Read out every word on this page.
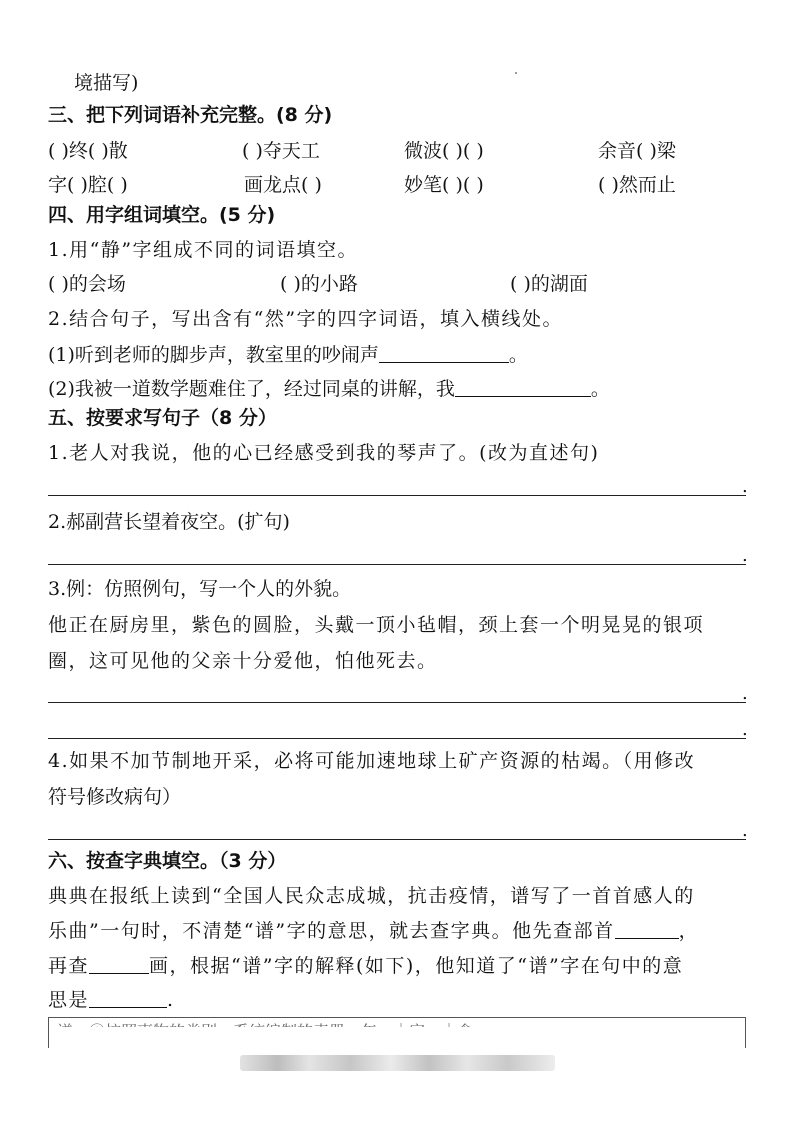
境描写)
三、把下列词语补充完整。(8 分)
( )终( )散	( )夺天工	微波( )( )	余音( )梁
字( )腔( )	画龙点( )	妙笔( )( )	( )然而止
四、用字组词填空。(5 分)
1.用“静”字组成不同的词语填空。
( )的会场	( )的小路	( )的湖面
2.结合句子，写出含有“然”字的四字词语，填入横线处。
(1)听到老师的脚步声，教室里的吵闹声	。
(2)我被一道数学题难住了，经过同桌的讲解，我	。
五、按要求写句子（8 分）
1.老人对我说，他的心已经感受到我的琴声了。(改为直述句)
.
2.郝副营长望着夜空。(扩句)
.
3.例：仿照例句，写一个人的外貌。
他正在厨房里，紫色的圆脸，头戴一顶小毡帽，颈上套一个明晃晃的银项
圈，这可见他的父亲十分爱他，怕他死去。
.
.
4.如果不加节制地开采，必将可能加速地球上矿产资源的枯竭。（用修改
符号修改病句）
.
六、按查字典填空。（3 分）
典典在报纸上读到“全国人民众志成城，抗击疫情，谱写了一首首感人的
乐曲”一句时，不清楚“谱”字的意思，就去查字典。他先查部首	，
再查	画，根据“谱”字的解释(如下)，他知道了“谱”字在句中的意
思是	.
